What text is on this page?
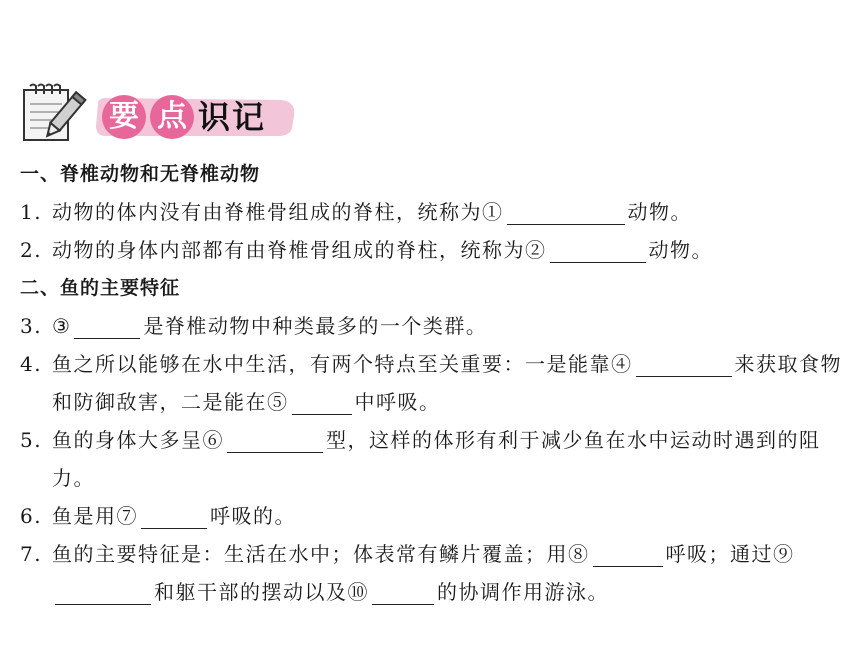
要 点 识记
一、脊椎动物和无脊椎动物
1. 动物的体内没有由脊椎骨组成的脊柱，统称为①	动物。
2. 动物的身体内部都有由脊椎骨组成的脊柱，统称为②	动物。
二、鱼的主要特征
3. ③	是脊椎动物中种类最多的一个类群。
4. 鱼之所以能够在水中生活，有两个特点至关重要：一是能靠④	来获取食物和防御敌害，二是能在⑤	中呼吸。
5. 鱼的身体大多呈⑥	型，这样的体形有利于减少鱼在水中运动时遇到的阻力。
6. 鱼是用⑦	呼吸的。
7. 鱼的主要特征是：生活在水中；体表常有鳞片覆盖；用⑧	呼吸；通过⑨和躯干部的摆动以及⑩	的协调作用游泳。
